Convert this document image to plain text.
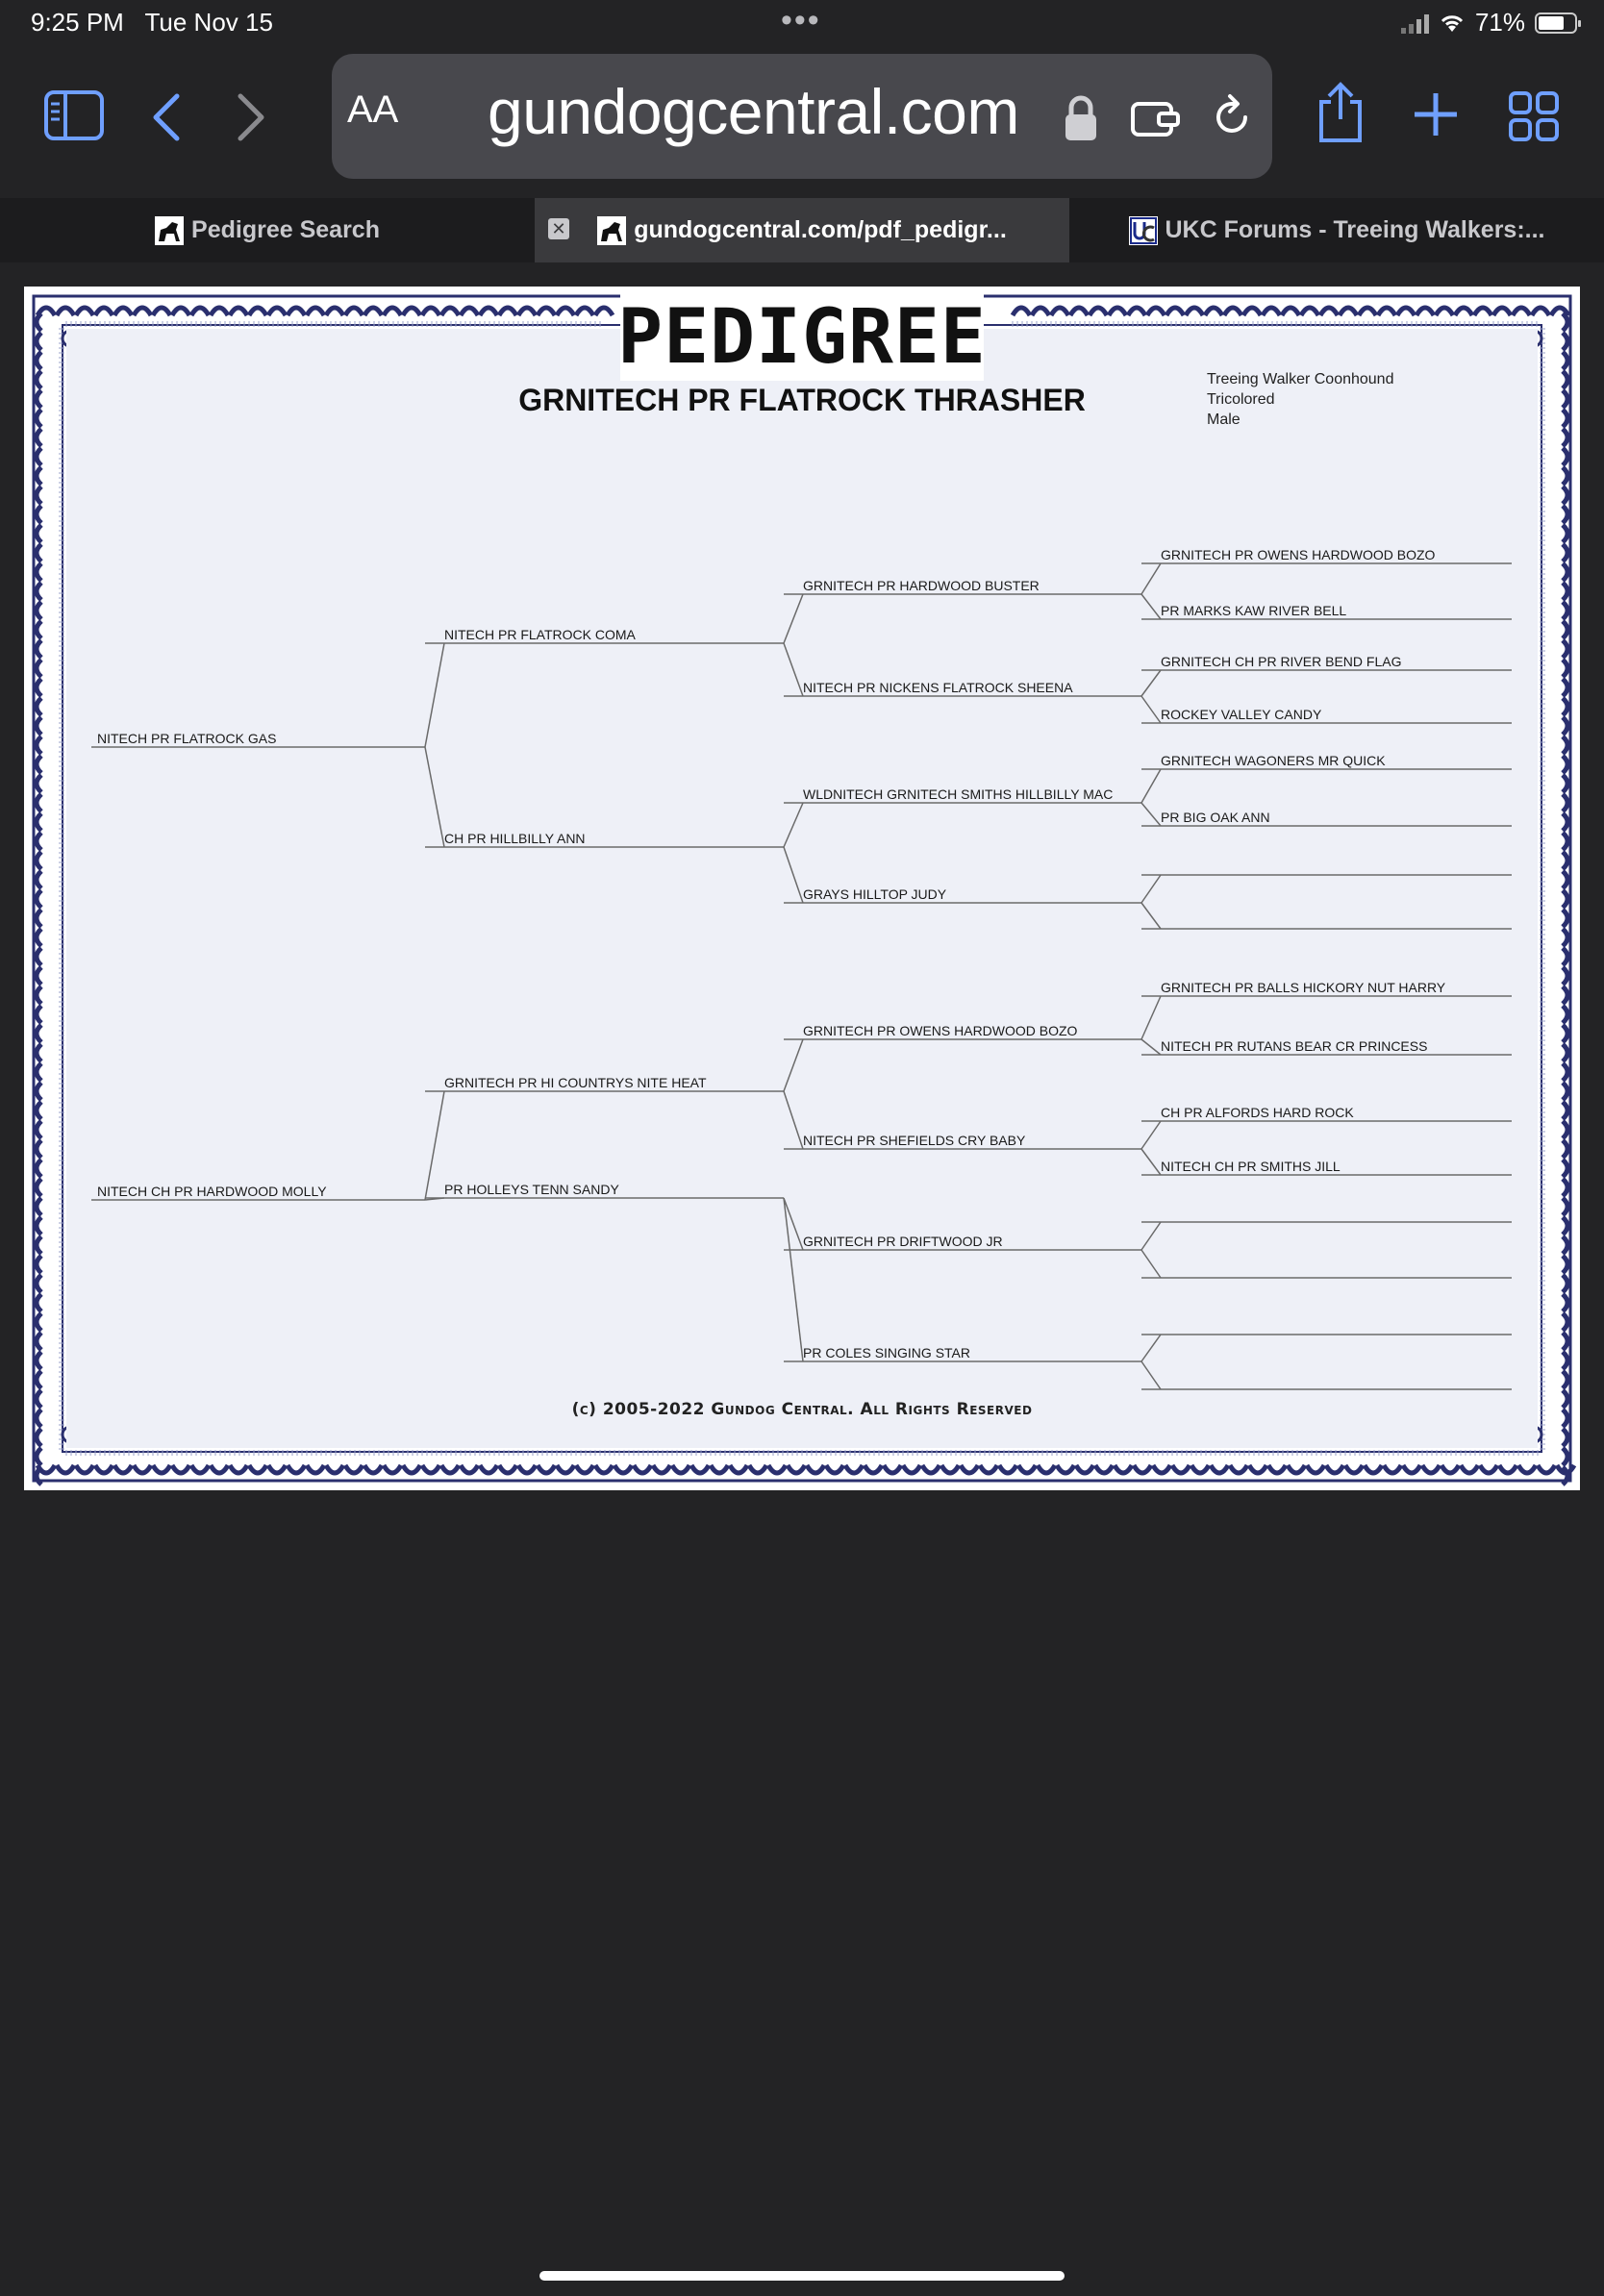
9:25 PM Tue Nov 15	•••	71%
AA gundogcentral.com
Pedigree Search	✕	gundogcentral.com/pdf_pedigr...	UKC Forums - Treeing Walkers:...
PEDIGREE
GRNITECH PR FLATROCK THRASHER
Treeing Walker Coonhound
Tricolored
Male
NITECH PR FLATROCK GAS
NITECH CH PR HARDWOOD MOLLY
NITECH PR FLATROCK COMA
CH PR HILLBILLY ANN
GRNITECH PR HI COUNTRYS NITE HEAT
PR HOLLEYS TENN SANDY
GRNITECH PR HARDWOOD BUSTER
NITECH PR NICKENS FLATROCK SHEENA
WLDNITECH GRNITECH SMITHS HILLBILLY MAC
GRAYS HILLTOP JUDY
GRNITECH PR OWENS HARDWOOD BOZO
NITECH PR SHEFIELDS CRY BABY
GRNITECH PR DRIFTWOOD JR
PR COLES SINGING STAR
GRNITECH PR OWENS HARDWOOD BOZO
PR MARKS KAW RIVER BELL
GRNITECH CH PR RIVER BEND FLAG
ROCKEY VALLEY CANDY
GRNITECH WAGONERS MR QUICK
PR BIG OAK ANN
GRNITECH PR BALLS HICKORY NUT HARRY
NITECH PR RUTANS BEAR CR PRINCESS
CH PR ALFORDS HARD ROCK
NITECH CH PR SMITHS JILL
(c) 2005-2022 Gundog Central. All Rights Reserved
